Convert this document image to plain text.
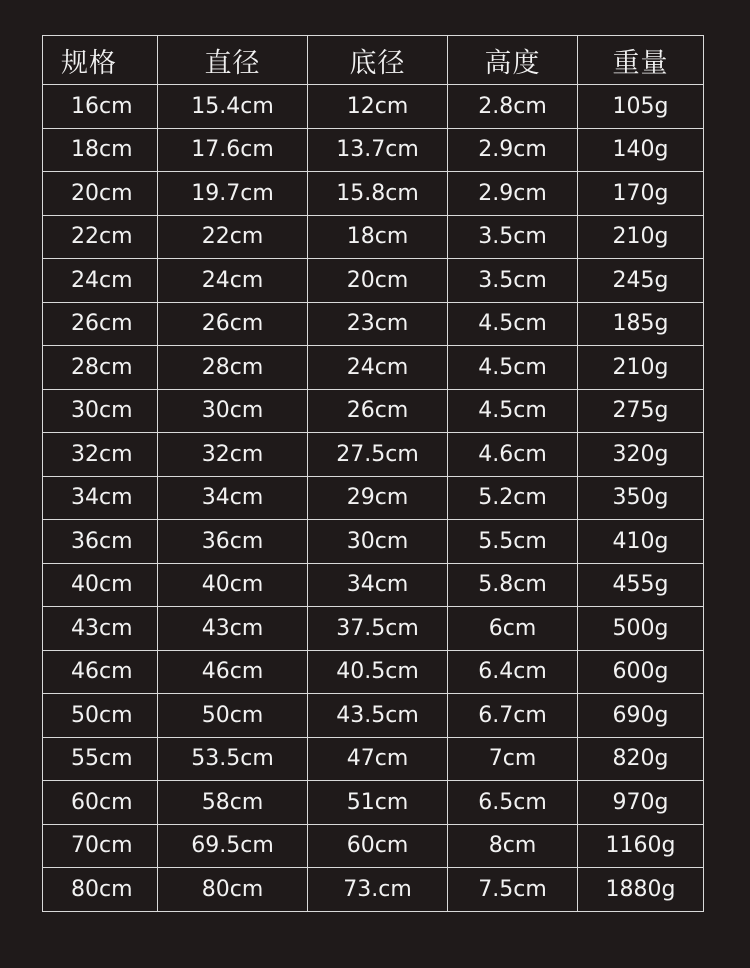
规格	直径	底径	高度	重量
16cm	15.4cm	12cm	2.8cm	105g
18cm	17.6cm	13.7cm	2.9cm	140g
20cm	19.7cm	15.8cm	2.9cm	170g
22cm	22cm	18cm	3.5cm	210g
24cm	24cm	20cm	3.5cm	245g
26cm	26cm	23cm	4.5cm	185g
28cm	28cm	24cm	4.5cm	210g
30cm	30cm	26cm	4.5cm	275g
32cm	32cm	27.5cm	4.6cm	320g
34cm	34cm	29cm	5.2cm	350g
36cm	36cm	30cm	5.5cm	410g
40cm	40cm	34cm	5.8cm	455g
43cm	43cm	37.5cm	6cm	500g
46cm	46cm	40.5cm	6.4cm	600g
50cm	50cm	43.5cm	6.7cm	690g
55cm	53.5cm	47cm	7cm	820g
60cm	58cm	51cm	6.5cm	970g
70cm	69.5cm	60cm	8cm	1160g
80cm	80cm	73.cm	7.5cm	1880g
